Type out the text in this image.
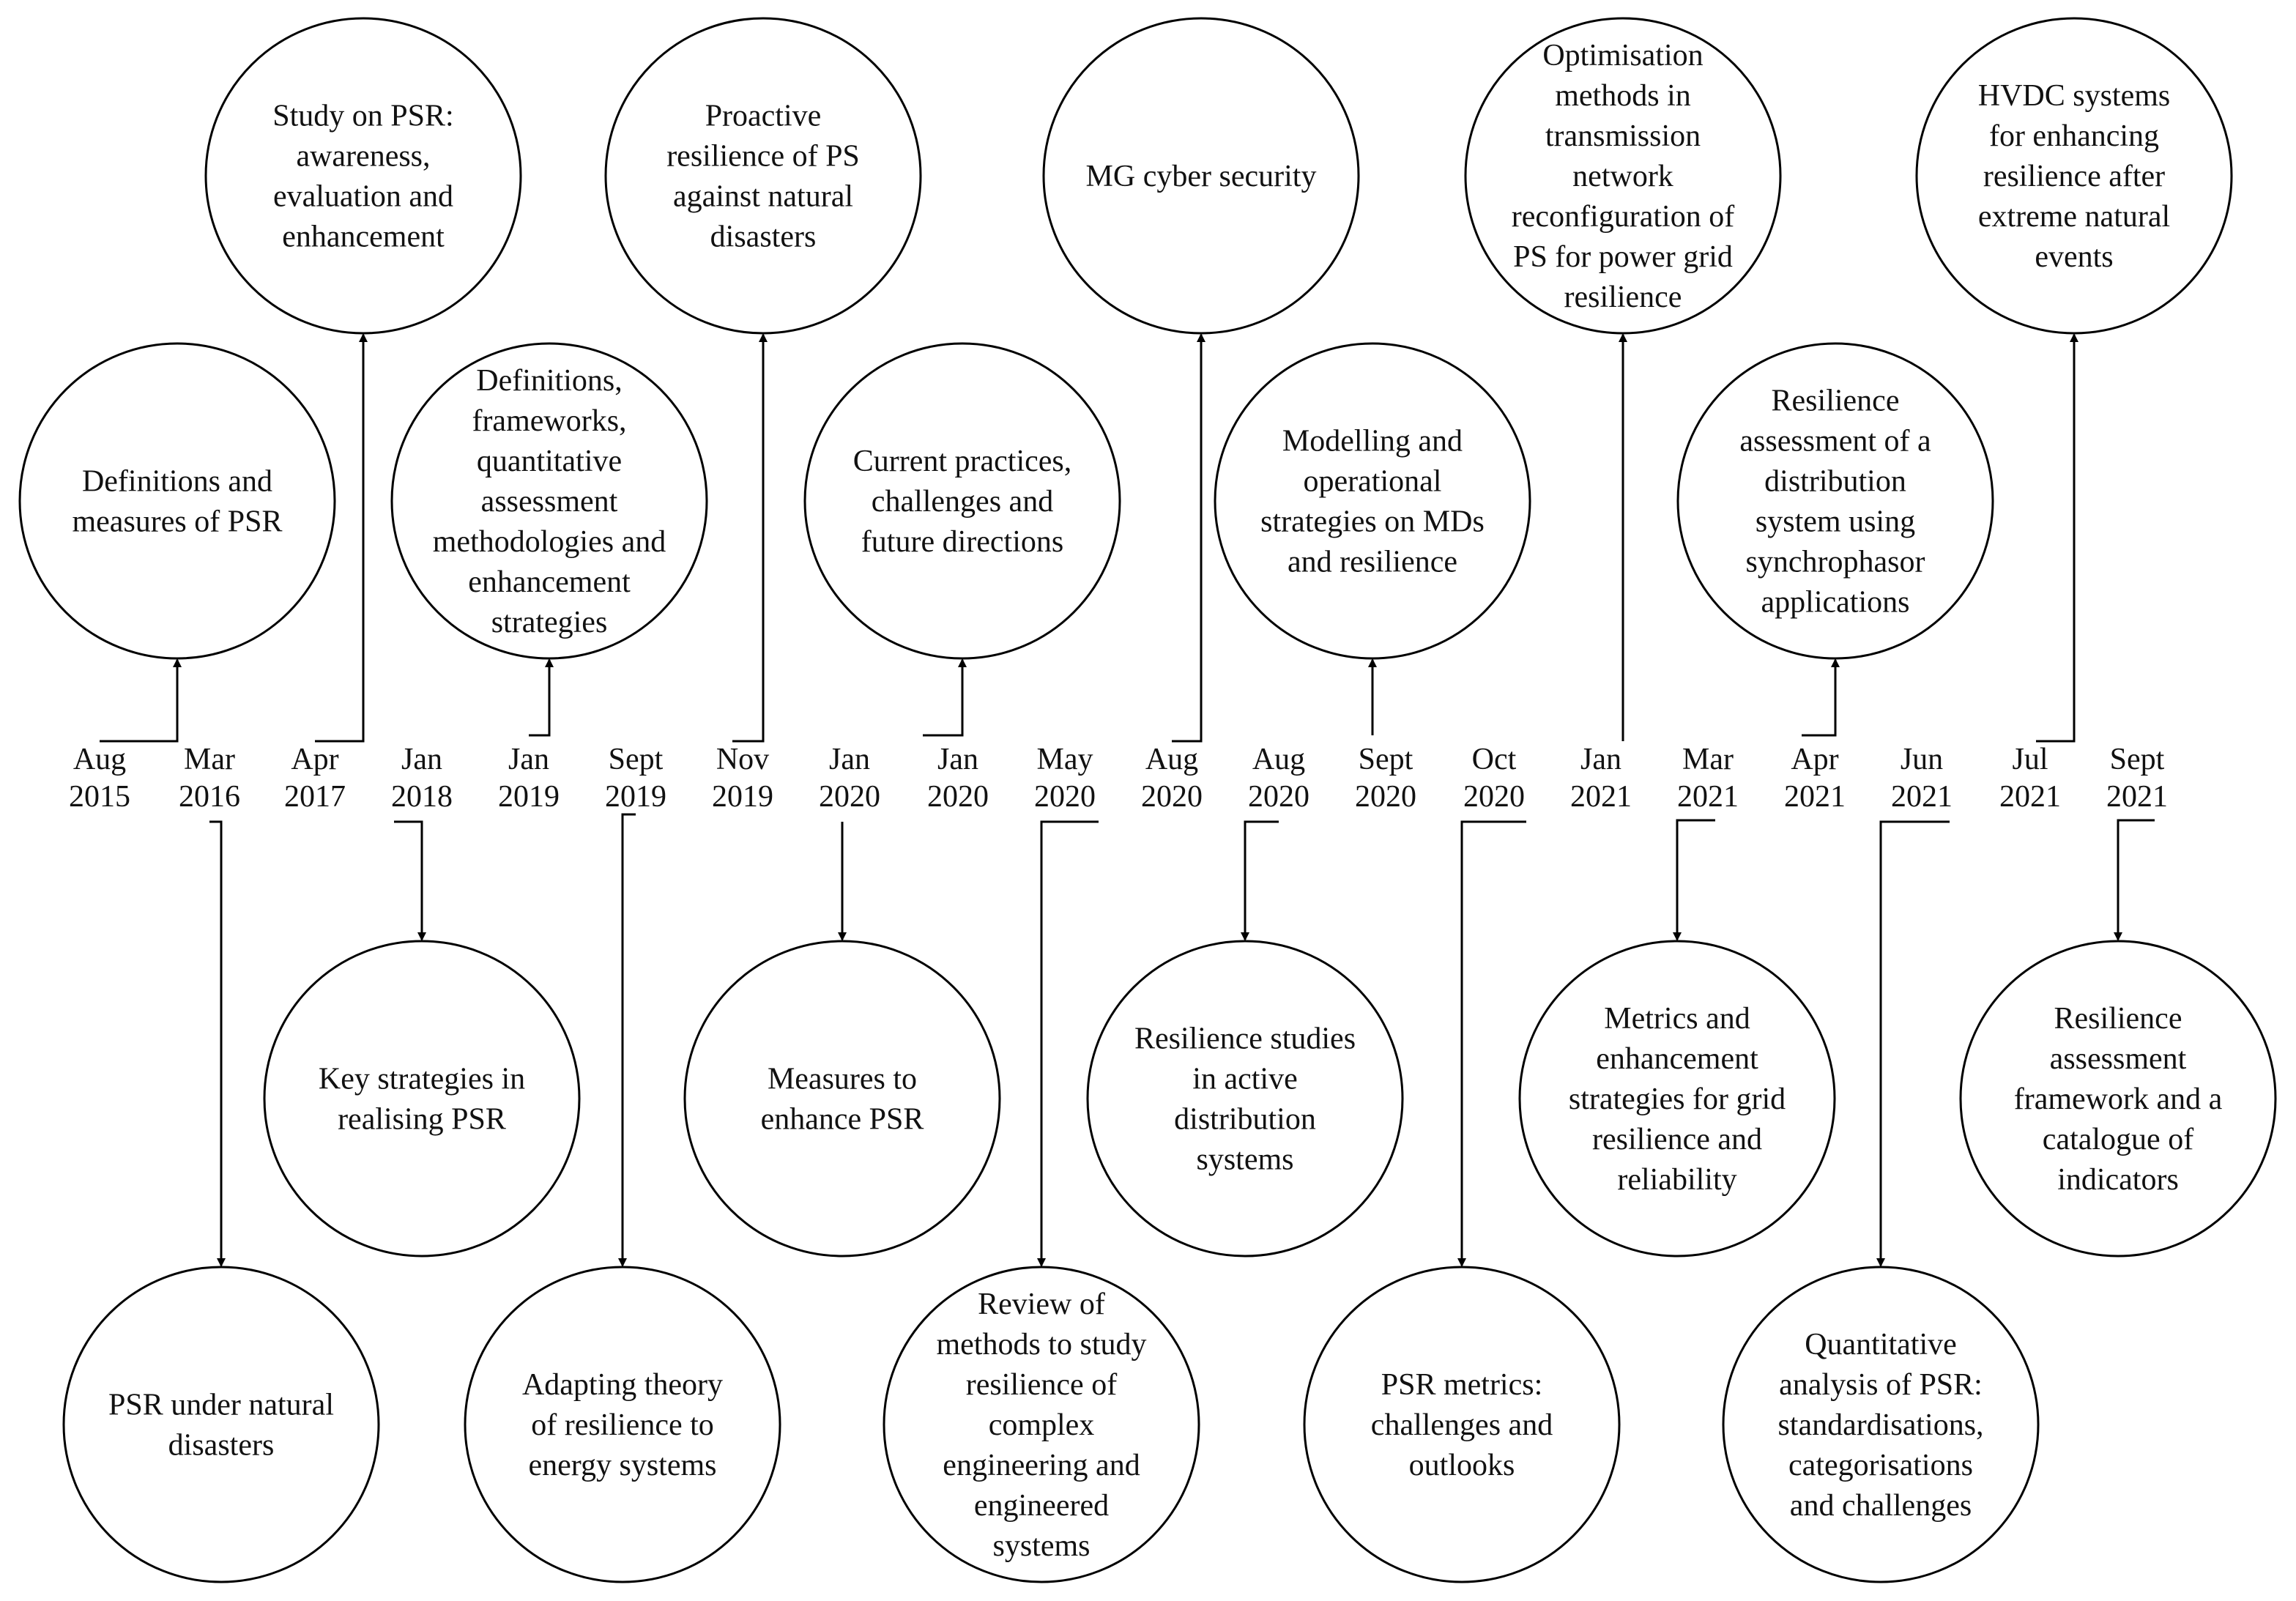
Definitions and
measures of PSR
PSR under natural
disasters
Study on PSR:
awareness,
evaluation and
enhancement
Key strategies in
realising PSR
Definitions,
frameworks,
quantitative
assessment
methodologies and
enhancement
strategies
Adapting theory
of resilience to
energy systems
Proactive
resilience of PS
against natural
disasters
Measures to
enhance PSR
Current practices,
challenges and
future directions
Review of
methods to study
resilience of
complex
engineering and
engineered
systems
MG cyber security
Resilience studies
in active
distribution
systems
Modelling and
operational
strategies on MDs
and resilience
PSR metrics:
challenges and
outlooks
Optimisation
methods in
transmission
network
reconfiguration of
PS for power grid
resilience
Metrics and
enhancement
strategies for grid
resilience and
reliability
Resilience
assessment of a
distribution
system using
synchrophasor
applications
Quantitative
analysis of PSR:
standardisations,
categorisations
and challenges
HVDC systems
for enhancing
resilience after
extreme natural
events
Resilience
assessment
framework and a
catalogue of
indicators
Aug
2015
Mar
2016
Apr
2017
Jan
2018
Jan
2019
Sept
2019
Nov
2019
Jan
2020
Jan
2020
May
2020
Aug
2020
Aug
2020
Sept
2020
Oct
2020
Jan
2021
Mar
2021
Apr
2021
Jun
2021
Jul
2021
Sept
2021
